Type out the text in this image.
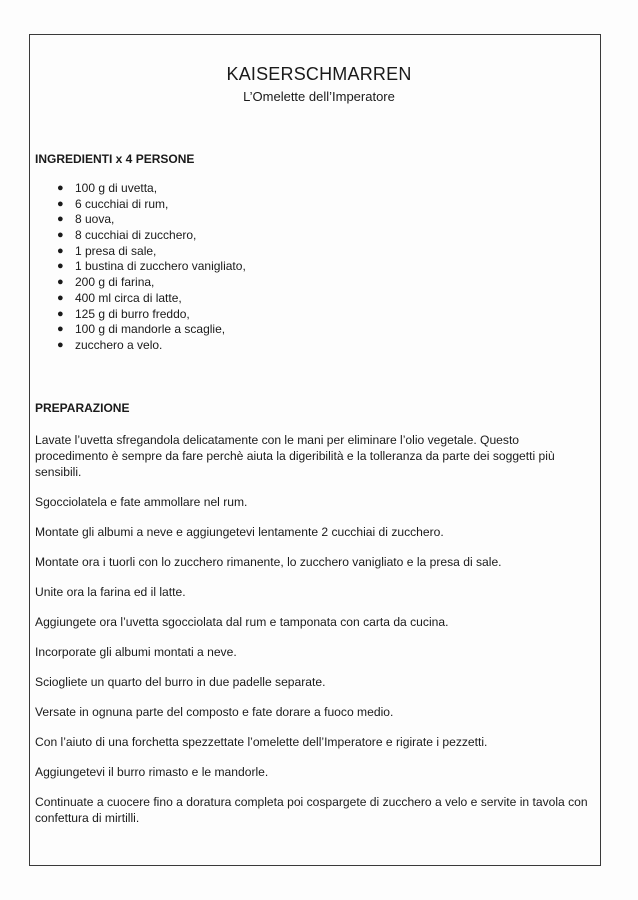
KAISERSCHMARREN
L’Omelette dell’Imperatore
INGREDIENTI x 4 PERSONE
● 100 g di uvetta,
● 6 cucchiai di rum,
● 8 uova,
● 8 cucchiai di zucchero,
● 1 presa di sale,
● 1 bustina di zucchero vanigliato,
● 200 g di farina,
● 400 ml circa di latte,
● 125 g di burro freddo,
● 100 g di mandorle a scaglie,
● zucchero a velo.
PREPARAZIONE

Lavate l’uvetta sfregandola delicatamente con le mani per eliminare l’olio vegetale. Questo procedimento è sempre da fare perchè aiuta la digeribilità e la tolleranza da parte dei soggetti più sensibili.

Sgocciolatela e fate ammollare nel rum.

Montate gli albumi a neve e aggiungetevi lentamente 2 cucchiai di zucchero.

Montate ora i tuorli con lo zucchero rimanente, lo zucchero vanigliato e la presa di sale.

Unite ora la farina ed il latte.

Aggiungete ora l’uvetta sgocciolata dal rum e tamponata con carta da cucina.

Incorporate gli albumi montati a neve.

Sciogliete un quarto del burro in due padelle separate.

Versate in ognuna parte del composto e fate dorare a fuoco medio.

Con l’aiuto di una forchetta spezzettate l’omelette dell’Imperatore e rigirate i pezzetti.

Aggiungetevi il burro rimasto e le mandorle.

Continuate a cuocere fino a doratura completa poi cospargete di zucchero a velo e servite in tavola con confettura di mirtilli.
